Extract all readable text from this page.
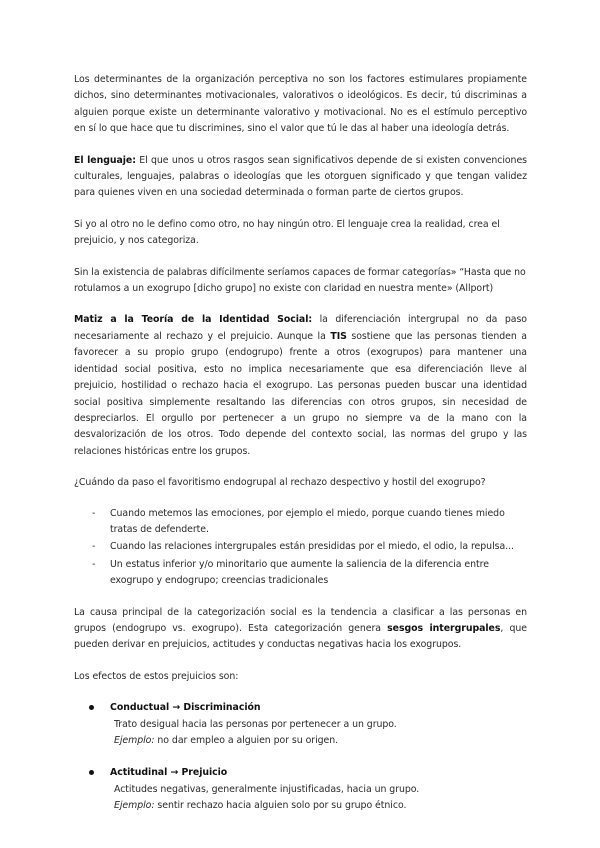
Los determinantes de la organización perceptiva no son los factores estimulares propiamente dichos, sino determinantes motivacionales, valorativos o ideológicos. Es decir, tú discriminas a alguien porque existe un determinante valorativo y motivacional. No es el estímulo perceptivo en sí lo que hace que tu discrimines, sino el valor que tú le das al haber una ideología detrás.

El lenguaje: El que unos u otros rasgos sean significativos depende de si existen convenciones culturales, lenguajes, palabras o ideologías que les otorguen significado y que tengan validez para quienes viven en una sociedad determinada o forman parte de ciertos grupos.

Si yo al otro no le defino como otro, no hay ningún otro. El lenguaje crea la realidad, crea el prejuicio, y nos categoriza.

Sin la existencia de palabras difícilmente seríamos capaces de formar categorías» “Hasta que no rotulamos a un exogrupo [dicho grupo] no existe con claridad en nuestra mente» (Allport)

Matiz a la Teoría de la Identidad Social: la diferenciación intergrupal no da paso necesariamente al rechazo y el prejuicio. Aunque la TIS sostiene que las personas tienden a favorecer a su propio grupo (endogrupo) frente a otros (exogrupos) para mantener una identidad social positiva, esto no implica necesariamente que esa diferenciación lleve al prejuicio, hostilidad o rechazo hacia el exogrupo. Las personas pueden buscar una identidad social positiva simplemente resaltando las diferencias con otros grupos, sin necesidad de despreciarlos. El orgullo por pertenecer a un grupo no siempre va de la mano con la desvalorización de los otros. Todo depende del contexto social, las normas del grupo y las relaciones históricas entre los grupos.

¿Cuándo da paso el favoritismo endogrupal al rechazo despectivo y hostil del exogrupo?

- Cuando metemos las emociones, por ejemplo el miedo, porque cuando tienes miedo tratas de defenderte.
- Cuando las relaciones intergrupales están presididas por el miedo, el odio, la repulsa...
- Un estatus inferior y/o minoritario que aumente la saliencia de la diferencia entre exogrupo y endogrupo; creencias tradicionales

La causa principal de la categorización social es la tendencia a clasificar a las personas en grupos (endogrupo vs. exogrupo). Esta categorización genera sesgos intergrupales, que pueden derivar en prejuicios, actitudes y conductas negativas hacia los exogrupos.

Los efectos de estos prejuicios son:

Conductual → Discriminación
Trato desigual hacia las personas por pertenecer a un grupo.
Ejemplo: no dar empleo a alguien por su origen.
Actitudinal → Prejuicio
Actitudes negativas, generalmente injustificadas, hacia un grupo.
Ejemplo: sentir rechazo hacia alguien solo por su grupo étnico.
